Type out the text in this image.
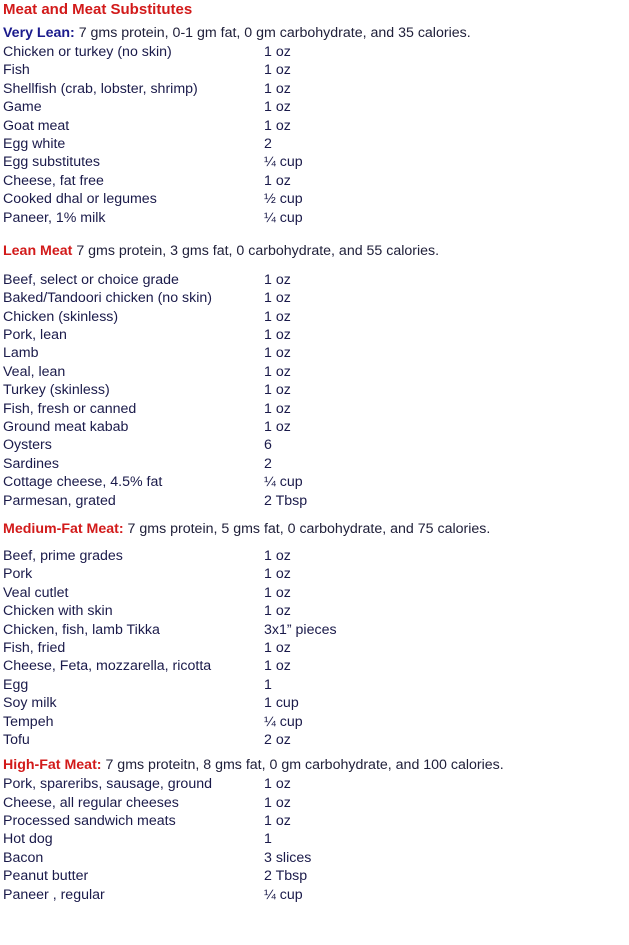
Meat and Meat Substitutes
Very Lean: 7 gms protein, 0-1 gm fat, 0 gm carbohydrate, and 35 calories.
Chicken or turkey (no skin)	1 oz
Fish	1 oz
Shellfish (crab, lobster, shrimp)	1 oz
Game	1 oz
Goat meat	1 oz
Egg white	2
Egg substitutes	¼ cup
Cheese, fat free	1 oz
Cooked dhal or legumes	½ cup
Paneer, 1% milk	¼ cup
Lean Meat 7 gms protein, 3 gms fat, 0 carbohydrate, and 55 calories.
Beef, select or choice grade	1 oz
Baked/Tandoori chicken (no skin)	1 oz
Chicken (skinless)	1 oz
Pork, lean	1 oz
Lamb	1 oz
Veal, lean	1 oz
Turkey (skinless)	1 oz
Fish, fresh or canned	1 oz
Ground meat kabab	1 oz
Oysters	6
Sardines	2
Cottage cheese, 4.5% fat	¼ cup
Parmesan, grated	2 Tbsp
Medium-Fat Meat: 7 gms protein, 5 gms fat, 0 carbohydrate, and 75 calories.
Beef, prime grades	1 oz
Pork	1 oz
Veal cutlet	1 oz
Chicken with skin	1 oz
Chicken, fish, lamb Tikka	3x1” pieces
Fish, fried	1 oz
Cheese, Feta, mozzarella, ricotta	1 oz
Egg	1
Soy milk	1 cup
Tempeh	¼ cup
Tofu	2 oz
High-Fat Meat: 7 gms proteitn, 8 gms fat, 0 gm carbohydrate, and 100 calories.
Pork, spareribs, sausage, ground	1 oz
Cheese, all regular cheeses	1 oz
Processed sandwich meats	1 oz
Hot dog	1
Bacon	3 slices
Peanut butter	2 Tbsp
Paneer , regular	¼ cup
